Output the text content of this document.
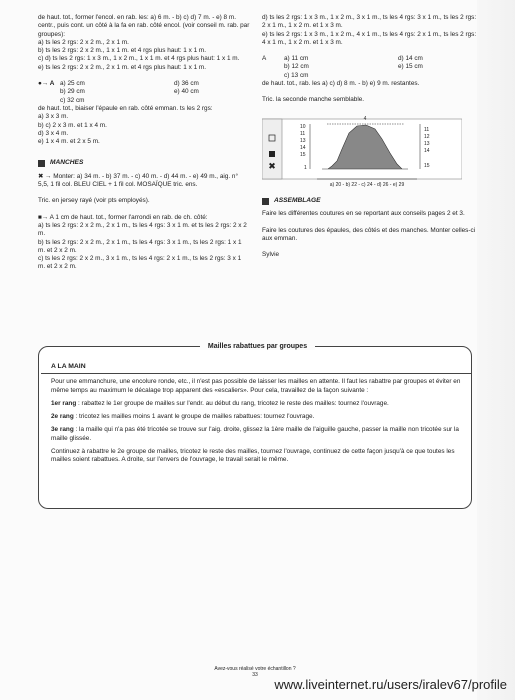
de haut. tot., former l'encol. en rab. les: a) 6 m. - b) c) d) 7 m. - e) 8 m. centr., puis cont. un côté à la fa en rab. côté encol. (voir conseil m. rab. par groupes):

a) ts les 2 rgs: 2 x 2 m., 2 x 1 m.

b) ts les 2 rgs: 2 x 2 m., 1 x 1 m. et 4 rgs plus haut: 1 x 1 m.

c) d) ts les 2 rgs: 1 x 3 m., 1 x 2 m., 1 x 1 m. et 4 rgs plus haut: 1 x 1 m.

e) ts les 2 rgs: 2 x 2 m., 2 x 1 m. et 4 rgs plus haut: 1 x 1 m.

●→ A a) 25 cm	d) 36 cm
b) 29 cm	e) 40 cm
c) 32 cm

de haut. tot., biaiser l'épaule en rab. côté emman. ts les 2 rgs:

a) 3 x 3 m.

b) c) 2 x 3 m. et 1 x 4 m.

d) 3 x 4 m.

e) 1 x 4 m. et 2 x 5 m.

MANCHES

✖ → Monter: a) 34 m. - b) 37 m. - c) 40 m. - d) 44 m. - e) 49 m., aig. n° 5,5, 1 fil col. BLEU CIEL + 1 fil col. MOSAÏQUE tric. ens.

Tric. en jersey rayé (voir pts employés).

■→ A 1 cm de haut. tot., former l'arrondi en rab. de ch. côté:

a) ts les 2 rgs: 2 x 2 m., 2 x 1 m., ts les 4 rgs: 3 x 1 m. et ts les 2 rgs: 2 x 2 m.

b) ts les 2 rgs: 2 x 2 m., 2 x 1 m., ts les 4 rgs: 3 x 1 m., ts les 2 rgs: 1 x 1 m. et 2 x 2 m.

c) ts les 2 rgs: 2 x 2 m., 3 x 1 m., ts les 4 rgs: 2 x 1 m., ts les 2 rgs: 3 x 1 m. et 2 x 2 m.

d) ts les 2 rgs: 1 x 3 m., 1 x 2 m., 3 x 1 m., ts les 4 rgs: 3 x 1 m., ts les 2 rgs: 2 x 1 m., 1 x 2 m. et 1 x 3 m.

e) ts les 2 rgs: 1 x 3 m., 1 x 2 m., 4 x 1 m., ts les 4 rgs: 2 x 1 m., ts les 2 rgs: 4 x 1 m., 1 x 2 m. et 1 x 3 m.

A	a) 11 cm	d) 14 cm
b) 12 cm	e) 15 cm
c) 13 cm

de haut. tot., rab. les a) c) d) 8 m. - b) e) 9 m. restantes.

Tric. la seconde manche semblable.

✖
4
10
11
13
14
15
1
11
12
13
14
15
a) 20 - b) 22 - c) 24 - d) 26 - e) 29
ASSEMBLAGE

Faire les différentes coutures en se reportant aux conseils pages 2 et 3.

Faire les coutures des épaules, des côtés et des manches. Monter celles-ci aux emman.

Sylvie

A LA MAIN

Pour une emmanchure, une encolure ronde, etc., il n'est pas possible de laisser les mailles en attente. Il faut les rabattre par groupes et éviter en même temps au maximum le décalage trop apparent des «escaliers». Pour cela, travaillez de la façon suivante :

1er rang : rabattez le 1er groupe de mailles sur l'endr. au début du rang, tricotez le reste des mailles: tournez l'ouvrage.

2e rang : tricotez les mailles moins 1 avant le groupe de mailles rabattues: tournez l'ouvrage.

3e rang : la maille qui n'a pas été tricotée se trouve sur l'aig. droite, glissez la 1ère maille de l'aiguille gauche, passer la maille non tricotée sur la maille glissée.

Continuez à rabattre le 2e groupe de mailles, tricotez le reste des mailles, tournez l'ouvrage, continuez de cette façon jusqu'à ce que toutes les mailles soient rabattues. A droite, sur l'envers de l'ouvrage, le travail serait le même.

Mailles rabattues par groupes
Avez-vous réalisé votre échantillon ?
33
www.liveinternet.ru/users/iralev67/profile
